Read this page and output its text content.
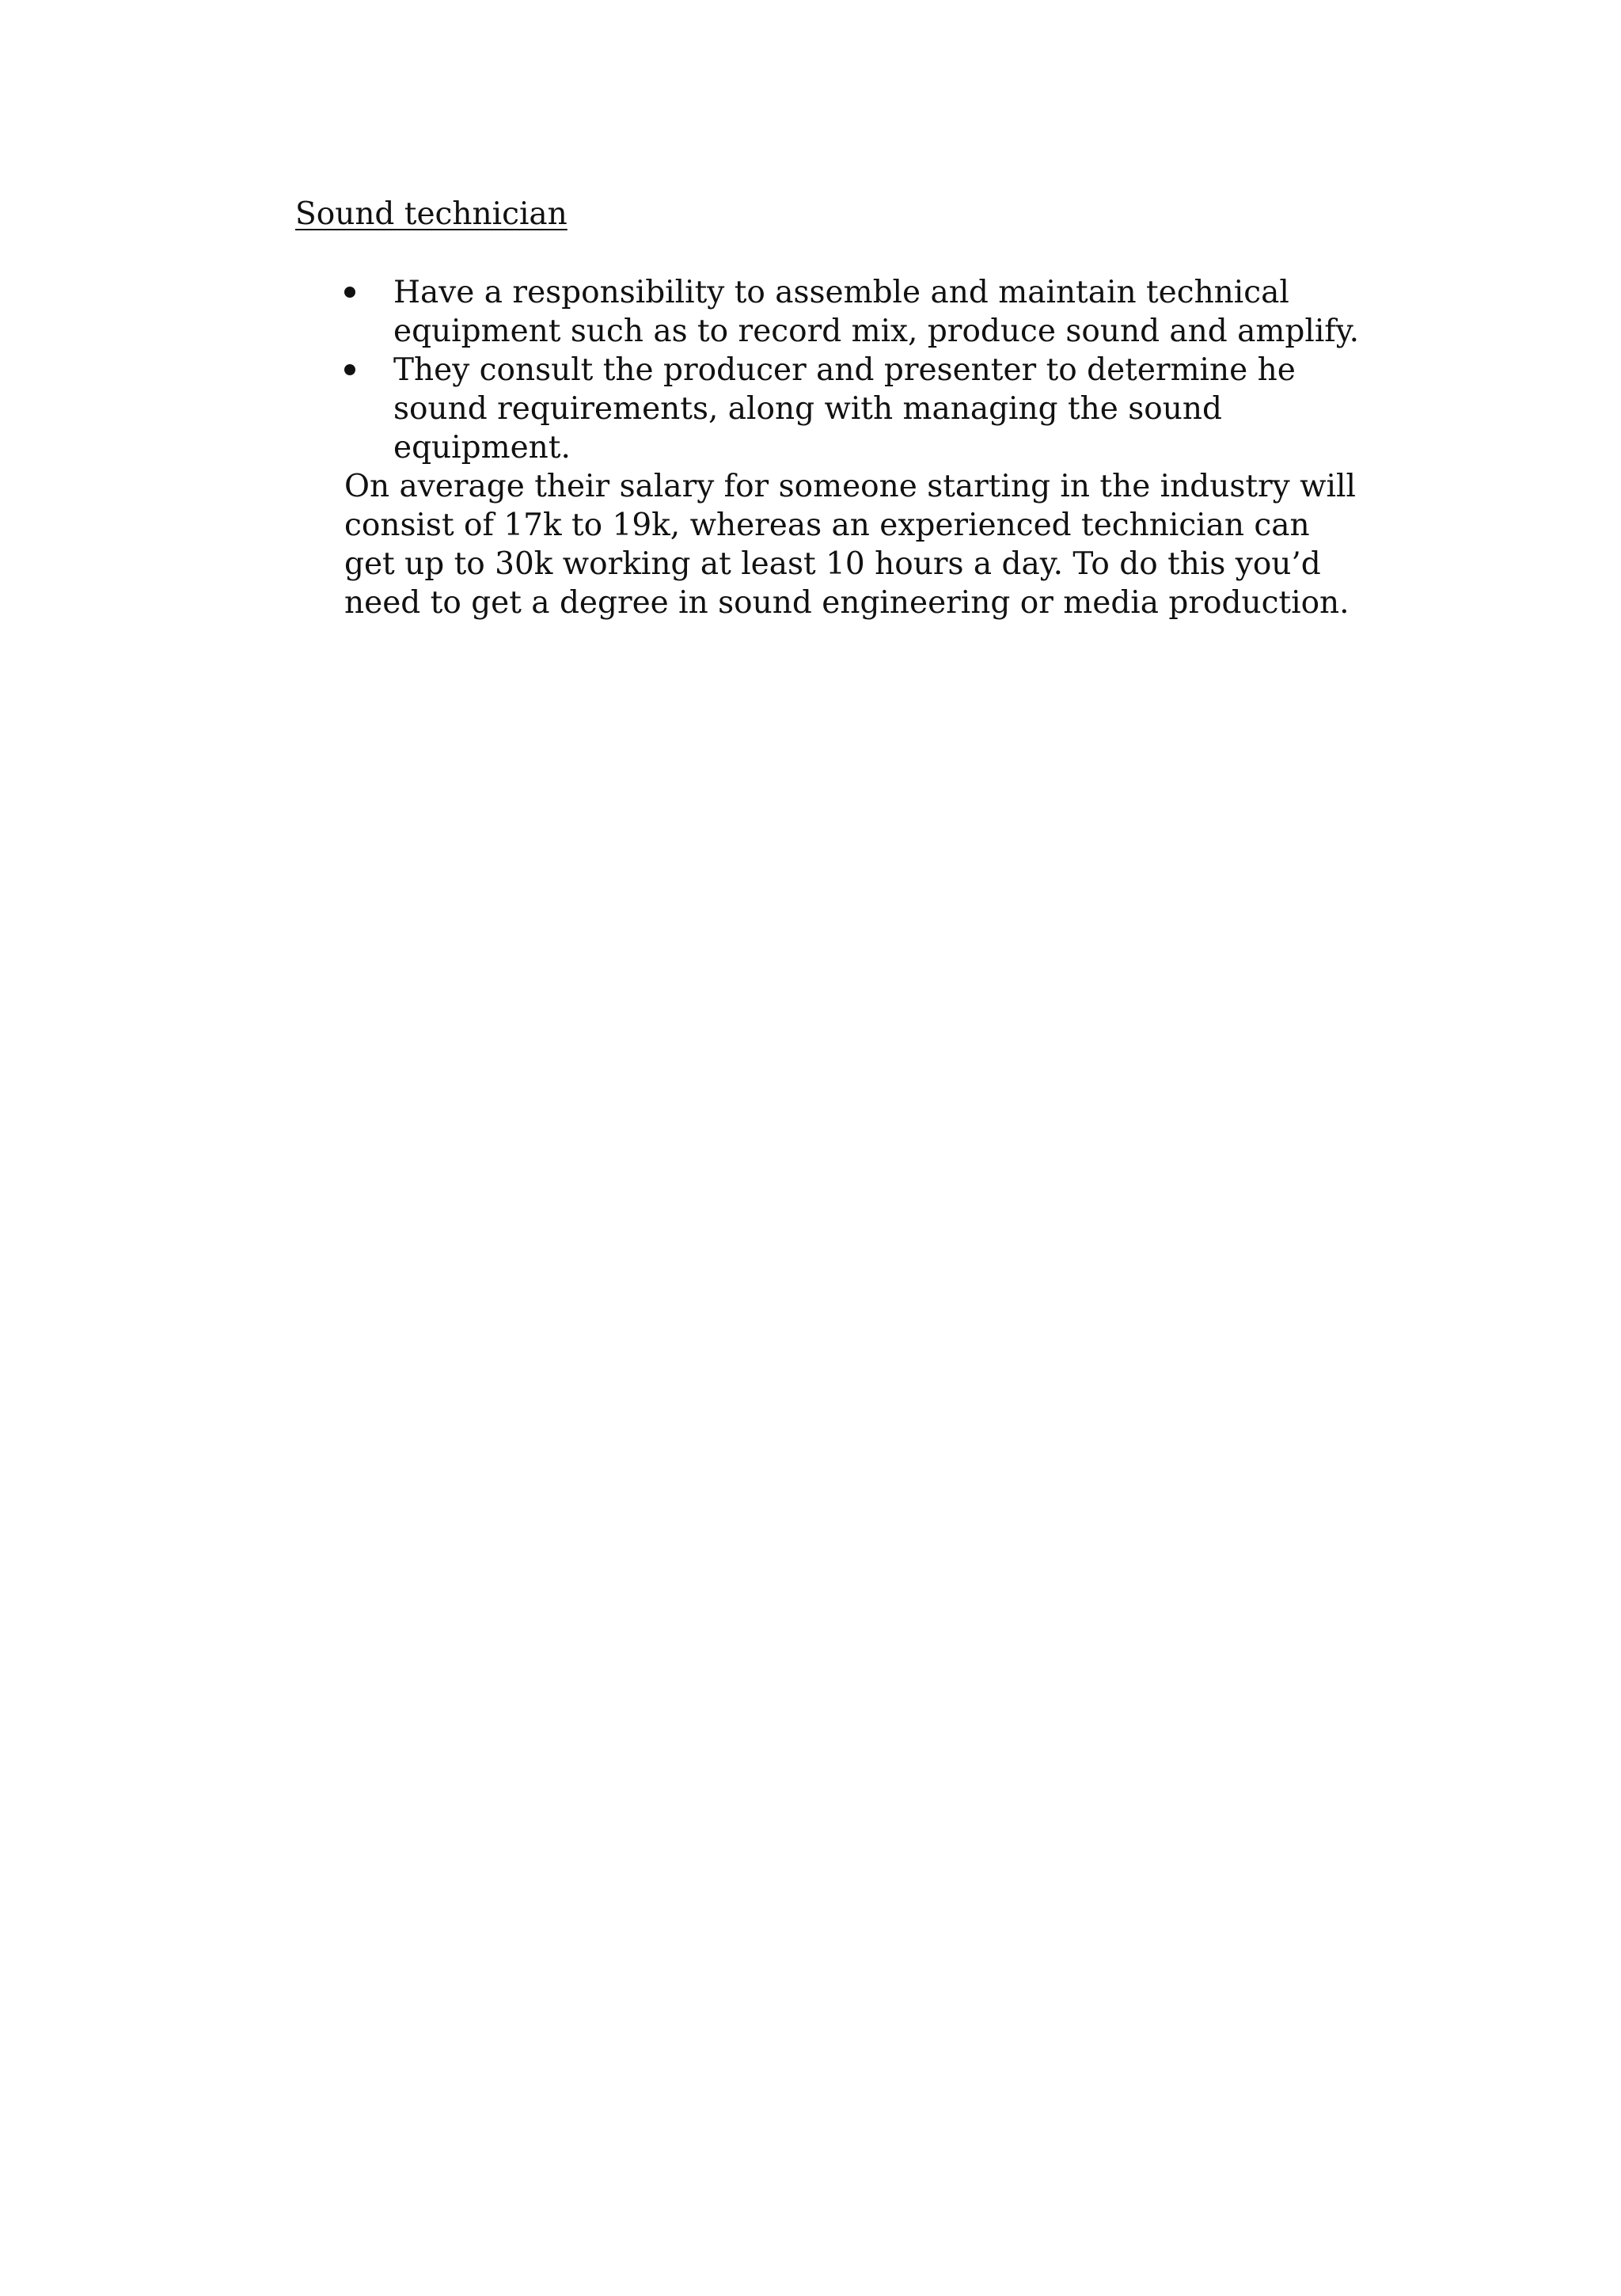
Sound technician
Have a responsibility to assemble and maintain technical equipment such as to record mix, produce sound and amplify.
They consult the producer and presenter to determine he sound requirements, along with managing the sound equipment.

On average their salary for someone starting in the industry will consist of 17k to 19k, whereas an experienced technician can get up to 30k working at least 10 hours a day. To do this you’d need to get a degree in sound engineering or media production.
